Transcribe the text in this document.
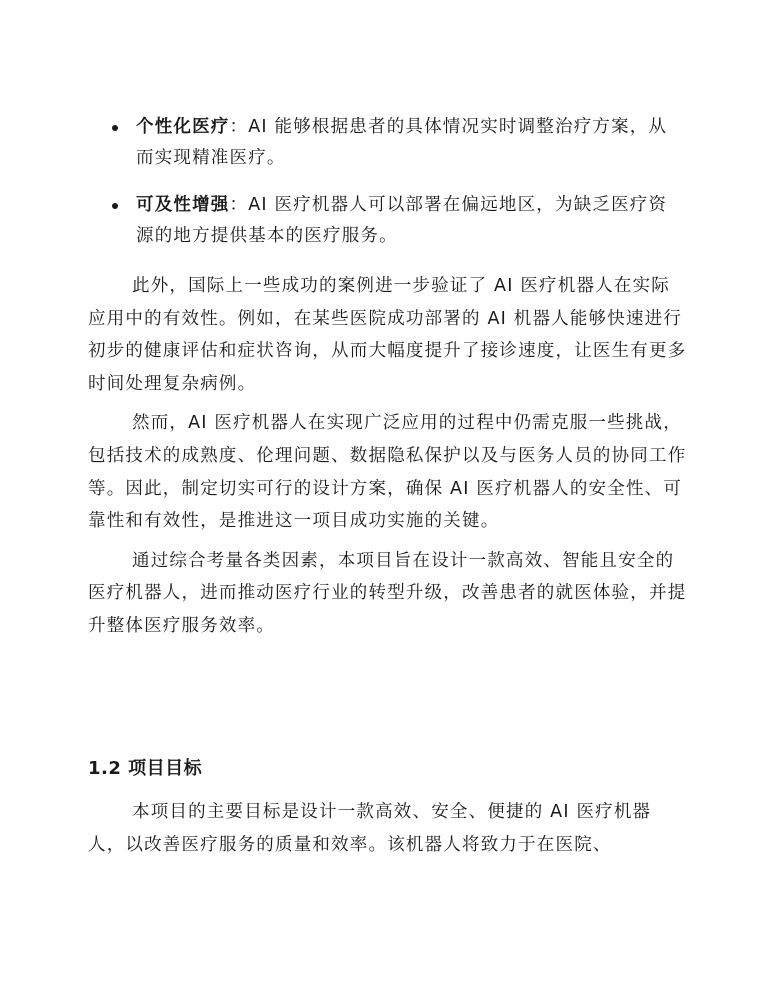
个性化医疗：AI 能够根据患者的具体情况实时调整治疗方案，从而实现精准医疗。
可及性增强：AI 医疗机器人可以部署在偏远地区，为缺乏医疗资源的地方提供基本的医疗服务。

此外，国际上一些成功的案例进一步验证了 AI 医疗机器人在实际应用中的有效性。例如，在某些医院成功部署的 AI 机器人能够快速进行初步的健康评估和症状咨询，从而大幅度提升了接诊速度，让医生有更多时间处理复杂病例。

然而，AI 医疗机器人在实现广泛应用的过程中仍需克服一些挑战，包括技术的成熟度、伦理问题、数据隐私保护以及与医务人员的协同工作等。因此，制定切实可行的设计方案，确保 AI 医疗机器人的安全性、可靠性和有效性，是推进这一项目成功实施的关键。

通过综合考量各类因素，本项目旨在设计一款高效、智能且安全的医疗机器人，进而推动医疗行业的转型升级，改善患者的就医体验，并提升整体医疗服务效率。

1.2 项目目标

本项目的主要目标是设计一款高效、安全、便捷的 AI 医疗机器人，以改善医疗服务的质量和效率。该机器人将致力于在医院、
